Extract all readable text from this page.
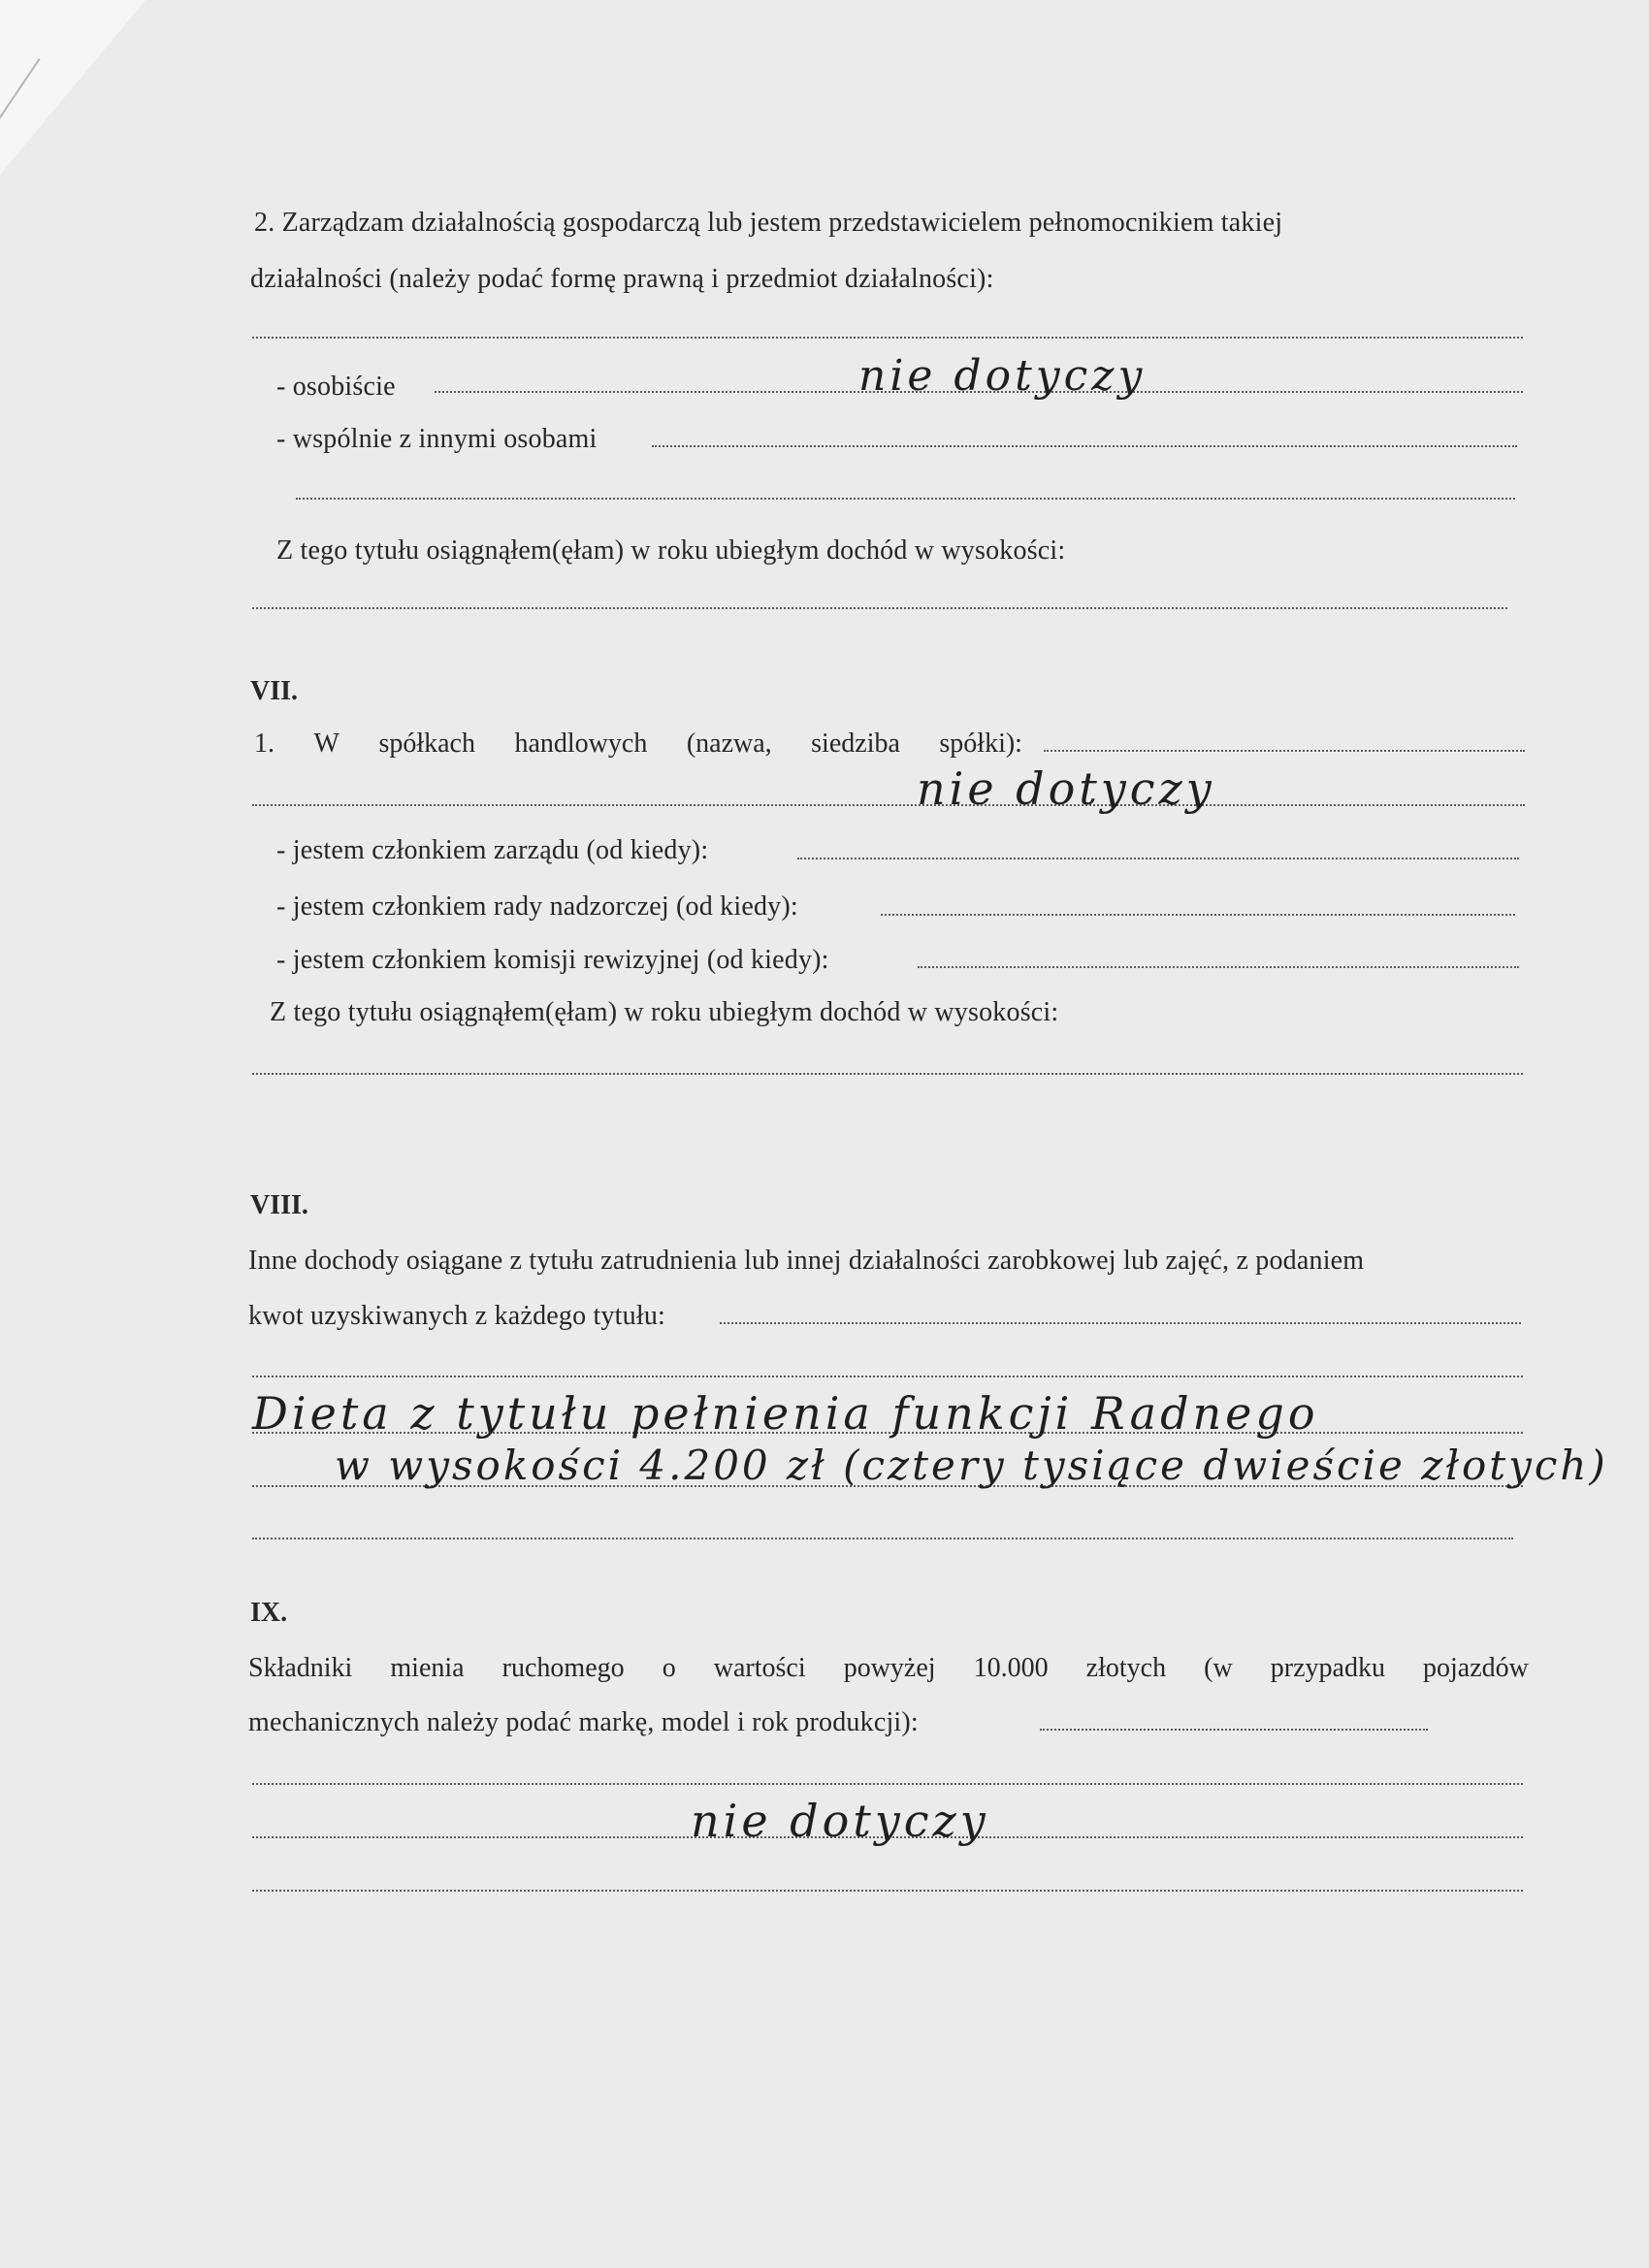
2. Zarządzam działalnością gospodarczą lub jestem przedstawicielem pełnomocnikiem takiej
działalności (należy podać formę prawną i przedmiot działalności):
- osobiście
- wspólnie z innymi osobami
Z tego tytułu osiągnąłem(ęłam) w roku ubiegłym dochód w wysokości:
nie dotyczy
VII.
1. W spółkach handlowych (nazwa, siedziba spółki):
nie dotyczy
- jestem członkiem zarządu (od kiedy):
- jestem członkiem rady nadzorczej (od kiedy):
- jestem członkiem komisji rewizyjnej (od kiedy):
Z tego tytułu osiągnąłem(ęłam) w roku ubiegłym dochód w wysokości:
VIII.
Inne dochody osiągane z tytułu zatrudnienia lub innej działalności zarobkowej lub zajęć, z podaniem
kwot uzyskiwanych z każdego tytułu:
Dieta z tytułu pełnienia funkcji Radnego
w wysokości 4.200 zł (cztery tysiące dwieście złotych)
IX.
Składniki mienia ruchomego o wartości powyżej 10.000 złotych (w przypadku pojazdów
mechanicznych należy podać markę, model i rok produkcji):
nie dotyczy
